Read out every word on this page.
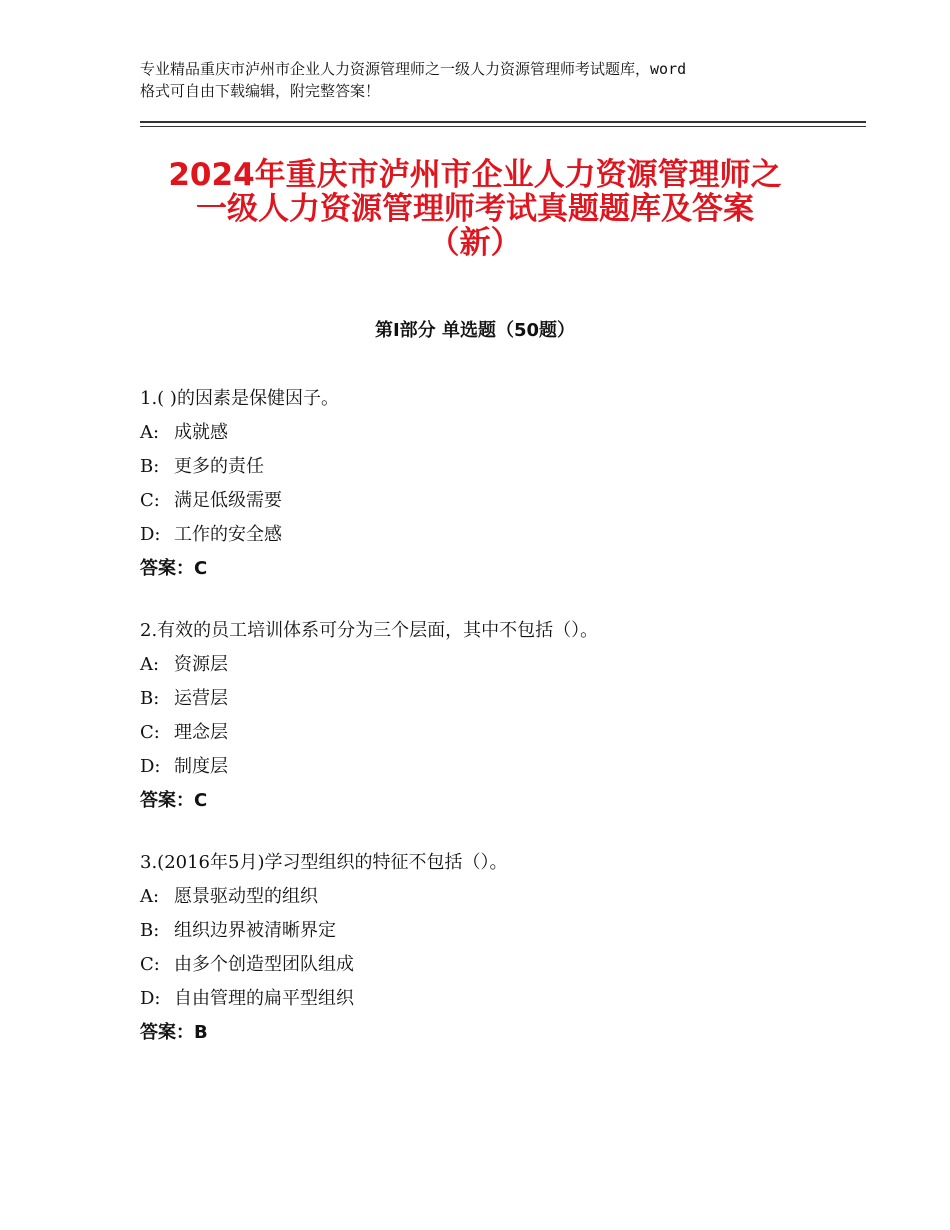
专业精品重庆市泸州市企业人力资源管理师之一级人力资源管理师考试题库，word
格式可自由下载编辑，附完整答案！
2024年重庆市泸州市企业人力资源管理师之
一级人力资源管理师考试真题题库及答案
（新）
第Ⅰ部分 单选题（50题）
1.( )的因素是保健因子。
A: 成就感
B: 更多的责任
C: 满足低级需要
D: 工作的安全感
答案：C
2.有效的员工培训体系可分为三个层面，其中不包括（）。
A: 资源层
B: 运营层
C: 理念层
D: 制度层
答案：C
3.(2016年5月)学习型组织的特征不包括（）。
A: 愿景驱动型的组织
B: 组织边界被清晰界定
C: 由多个创造型团队组成
D: 自由管理的扁平型组织
答案：B
